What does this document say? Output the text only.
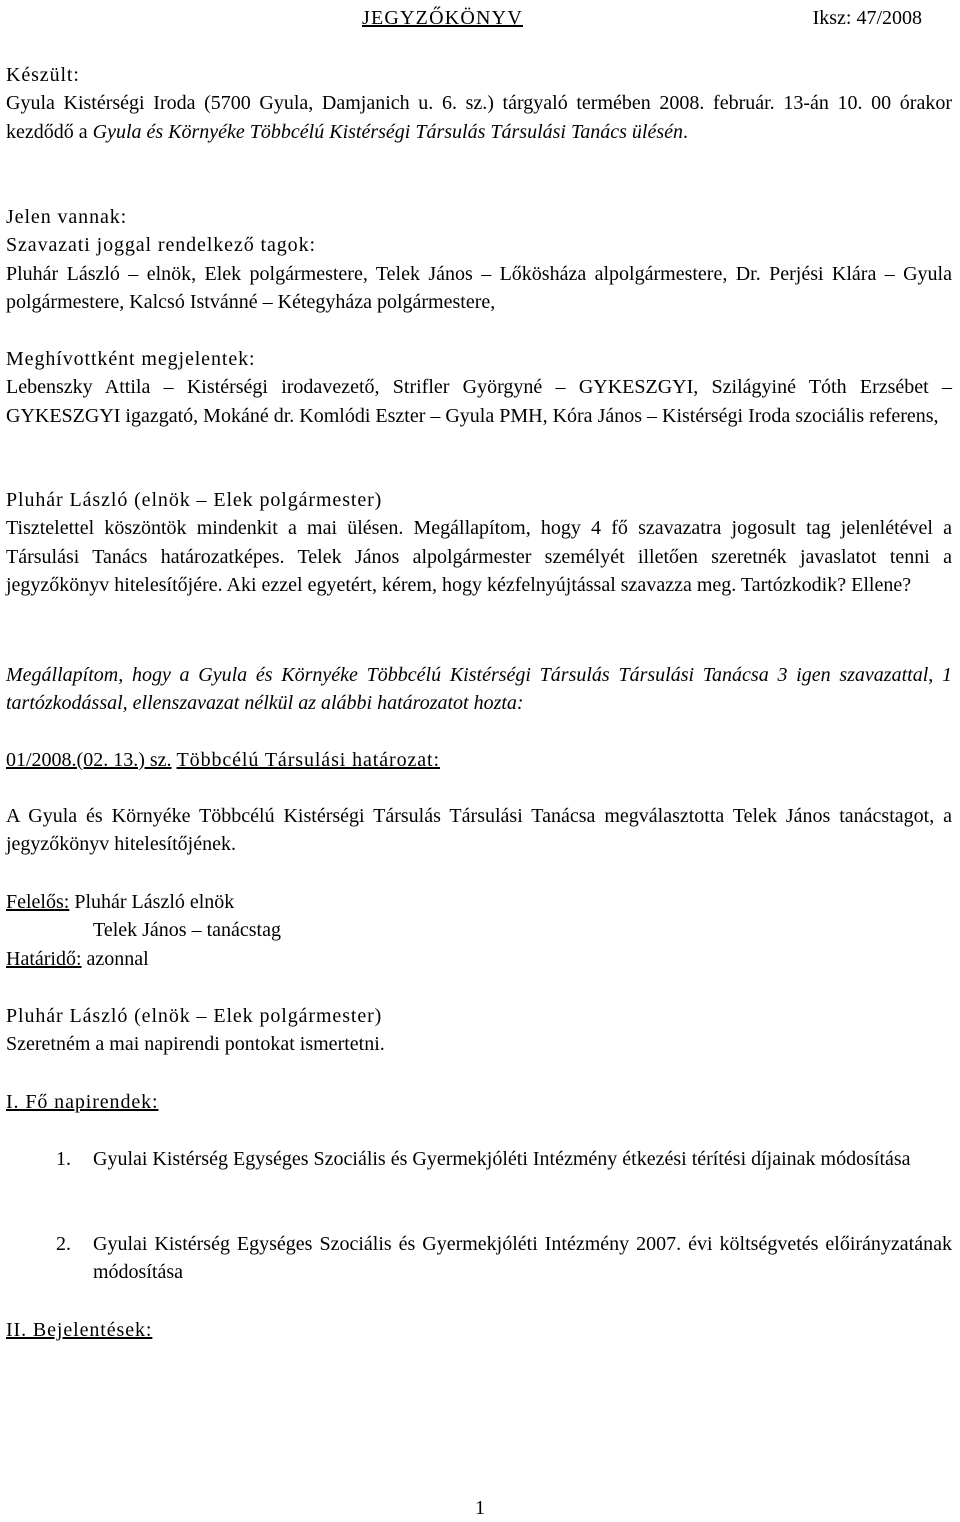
JEGYZŐKÖNYV	Iksz: 47/2008
Készült:
Gyula Kistérségi Iroda (5700 Gyula, Damjanich u. 6. sz.) tárgyaló termében 2008. február. 13-án 10. 00 órakor kezdődő a Gyula és Környéke Többcélú Kistérségi Társulás Társulási Tanács ülésén.
Jelen vannak:
Szavazati joggal rendelkező tagok:
Pluhár László – elnök, Elek polgármestere, Telek János – Lőkösháza alpolgármestere, Dr. Perjési Klára – Gyula polgármestere, Kalcsó Istvánné – Kétegyháza polgármestere,
Meghívottként megjelentek:
Lebenszky Attila – Kistérségi irodavezető, Strifler Györgyné – GYKESZGYI, Szilágyiné Tóth Erzsébet – GYKESZGYI igazgató, Mokáné dr. Komlódi Eszter – Gyula PMH, Kóra János – Kistérségi Iroda szociális referens,
Pluhár László (elnök – Elek polgármester)
Tisztelettel köszöntök mindenkit a mai ülésen. Megállapítom, hogy 4 fő szavazatra jogosult tag jelenlétével a Társulási Tanács határozatképes. Telek János alpolgármester személyét illetően szeretnék javaslatot tenni a jegyzőkönyv hitelesítőjére. Aki ezzel egyetért, kérem, hogy kézfelnyújtással szavazza meg. Tartózkodik? Ellene?
Megállapítom, hogy a Gyula és Környéke Többcélú Kistérségi Társulás Társulási Tanácsa 3 igen szavazattal, 1 tartózkodással, ellenszavazat nélkül az alábbi határozatot hozta:
01/2008.(02. 13.) sz. Többcélú Társulási határozat:
A Gyula és Környéke Többcélú Kistérségi Társulás Társulási Tanácsa megválasztotta Telek János tanácstagot, a jegyzőkönyv hitelesítőjének.
Felelős: Pluhár László elnök
Telek János – tanácstag
Határidő: azonnal
Pluhár László (elnök – Elek polgármester)
Szeretném a mai napirendi pontokat ismertetni.
I. Fő napirendek:
1. Gyulai Kistérség Egységes Szociális és Gyermekjóléti Intézmény étkezési térítési díjainak módosítása
2. Gyulai Kistérség Egységes Szociális és Gyermekjóléti Intézmény 2007. évi költségvetés előirányzatának módosítása
II. Bejelentések:
1
